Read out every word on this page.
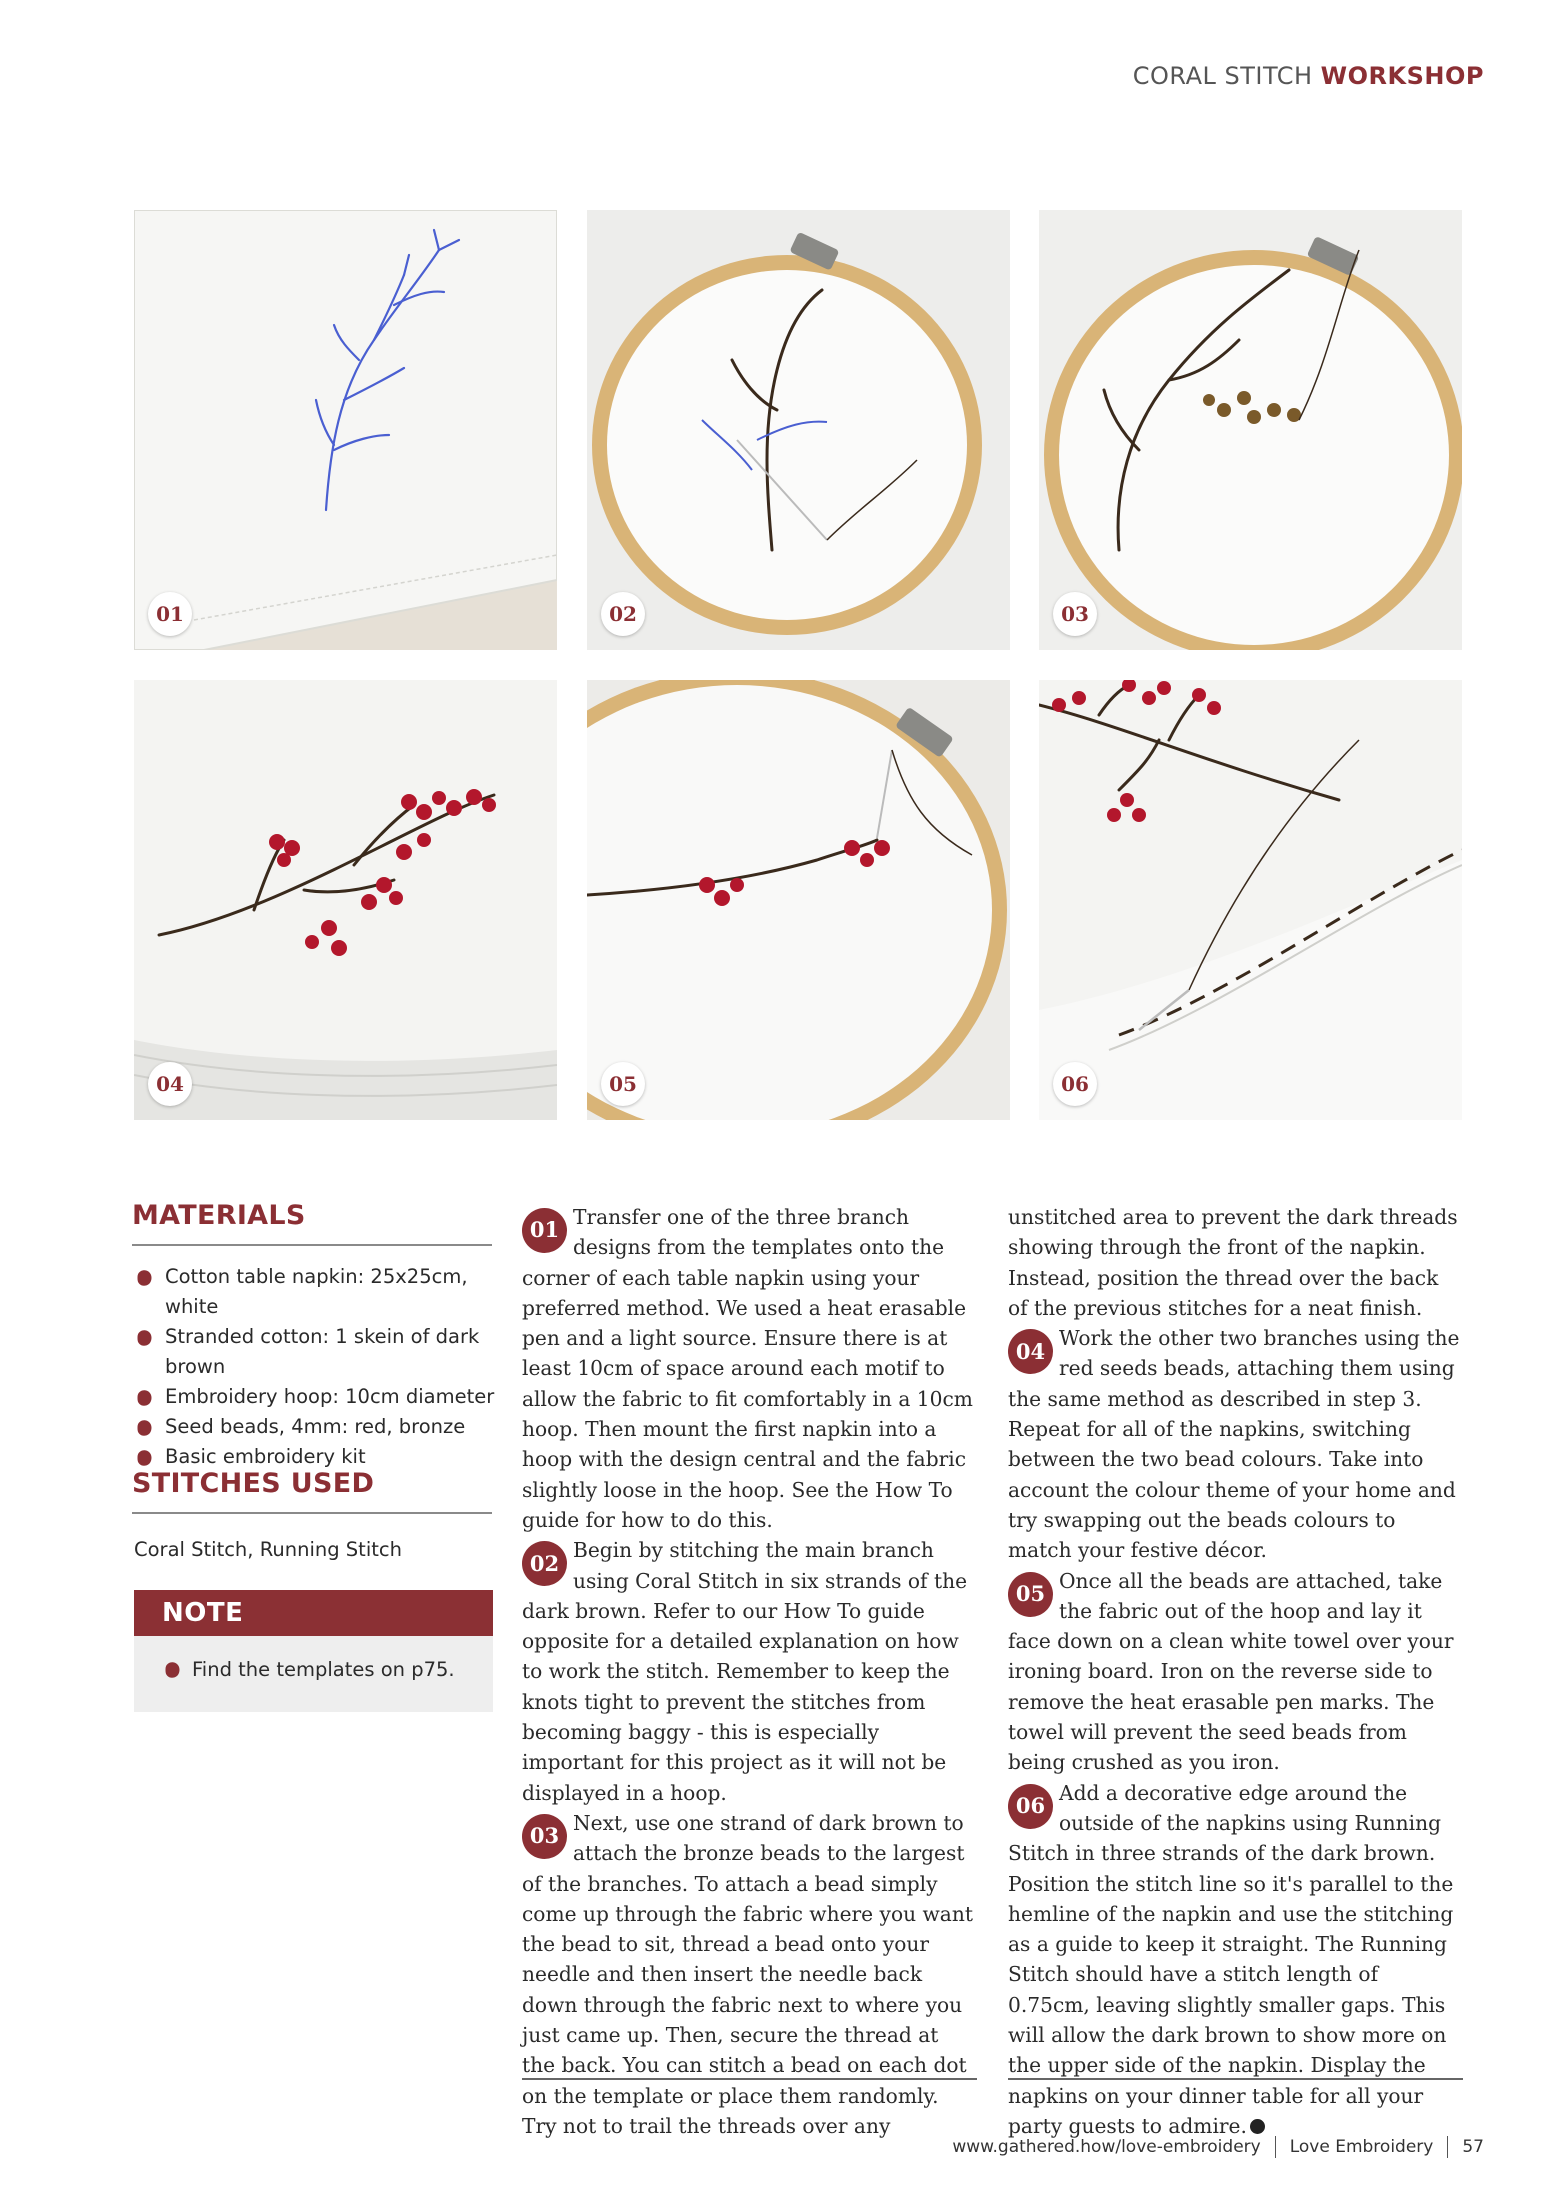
CORAL STITCH WORKSHOP
01	02	03
04	05	06
MATERIALS
Cotton table napkin: 25x25cm, white
Stranded cotton: 1 skein of dark brown
Embroidery hoop: 10cm diameter
Seed beads, 4mm: red, bronze
Basic embroidery kit
STITCHES USED
Coral Stitch, Running Stitch
NOTE
Find the templates on p75.

01
Transfer one of the three branch designs from the templates onto the corner of each table napkin using your preferred method. We used a heat erasable pen and a light source. Ensure there is at least 10cm of space around each motif to allow the fabric to fit comfortably in a 10cm hoop. Then mount the first napkin into a hoop with the design central and the fabric slightly loose in the hoop. See the How To guide for how to do this.

02
Begin by stitching the main branch using Coral Stitch in six strands of the dark brown. Refer to our How To guide opposite for a detailed explanation on how to work the stitch. Remember to keep the knots tight to prevent the stitches from becoming baggy - this is especially important for this project as it will not be displayed in a hoop.

03
Next, use one strand of dark brown to attach the bronze beads to the largest of the branches. To attach a bead simply come up through the fabric where you want the bead to sit, thread a bead onto your needle and then insert the needle back down through the fabric next to where you just came up. Then, secure the thread at the back. You can stitch a bead on each dot on the template or place them randomly. Try not to trail the threads over any

unstitched area to prevent the dark threads showing through the front of the napkin. Instead, position the thread over the back of the previous stitches for a neat finish.

04
Work the other two branches using the red seeds beads, attaching them using the same method as described in step 3. Repeat for all of the napkins, switching between the two bead colours. Take into account the colour theme of your home and try swapping out the beads colours to match your festive décor.

05
Once all the beads are attached, take the fabric out of the hoop and lay it face down on a clean white towel over your ironing board. Iron on the reverse side to remove the heat erasable pen marks. The towel will prevent the seed beads from being crushed as you iron.

06
Add a decorative edge around the outside of the napkins using Running Stitch in three strands of the dark brown. Position the stitch line so it's parallel to the hemline of the napkin and use the stitching as a guide to keep it straight. The Running Stitch should have a stitch length of 0.75cm, leaving slightly smaller gaps. This will allow the dark brown to show more on the upper side of the napkin. Display the napkins on your dinner table for all your party guests to admire.

www.gathered.how/love-embroidery Love Embroidery 57
